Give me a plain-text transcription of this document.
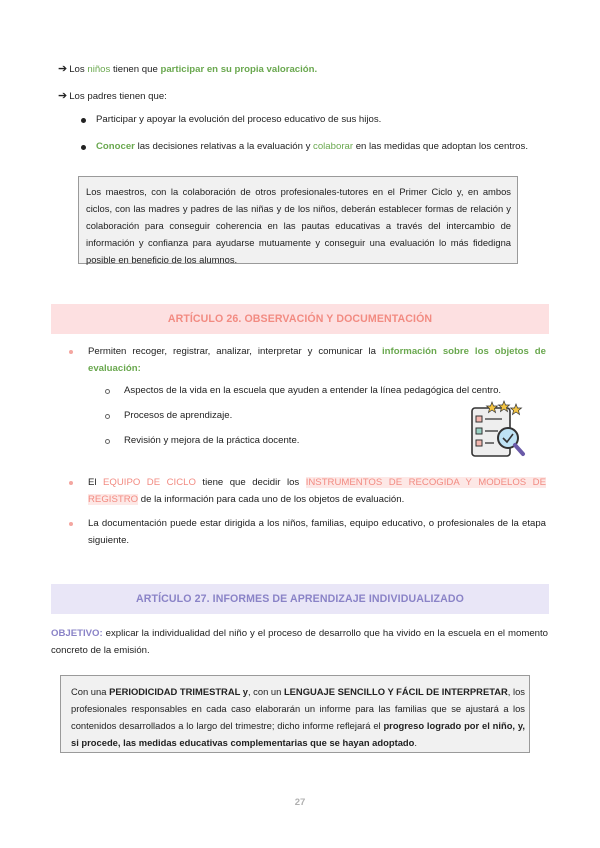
➔ Los niños tienen que participar en su propia valoración.
➔ Los padres tienen que:
Participar y apoyar la evolución del proceso educativo de sus hijos.
Conocer las decisiones relativas a la evaluación y colaborar en las medidas que adoptan los centros.
Los maestros, con la colaboración de otros profesionales-tutores en el Primer Ciclo y, en ambos ciclos, con las madres y padres de las niñas y de los niños, deberán establecer formas de relación y colaboración para conseguir coherencia en las pautas educativas a través del intercambio de información y confianza para ayudarse mutuamente y conseguir una evaluación lo más fidedigna posible en beneficio de los alumnos.
ARTÍCULO 26. OBSERVACIÓN Y DOCUMENTACIÓN
Permiten recoger, registrar, analizar, interpretar y comunicar la información sobre los objetos de evaluación:
Aspectos de la vida en la escuela que ayuden a entender la línea pedagógica del centro.
Procesos de aprendizaje.
Revisión y mejora de la práctica docente.
El EQUIPO DE CICLO tiene que decidir los INSTRUMENTOS DE RECOGIDA Y MODELOS DE REGISTRO de la información para cada uno de los objetos de evaluación.
La documentación puede estar dirigida a los niños, familias, equipo educativo, o profesionales de la etapa siguiente.
ARTÍCULO 27. INFORMES DE APRENDIZAJE INDIVIDUALIZADO
OBJETIVO: explicar la individualidad del niño y el proceso de desarrollo que ha vivido en la escuela en el momento concreto de la emisión.
Con una PERIODICIDAD TRIMESTRAL y, con un LENGUAJE SENCILLO Y FÁCIL DE INTERPRETAR, los profesionales responsables en cada caso elaborarán un informe para las familias que se ajustará a los contenidos desarrollados a lo largo del trimestre; dicho informe reflejará el progreso logrado por el niño, y, si procede, las medidas educativas complementarias que se hayan adoptado.
27
